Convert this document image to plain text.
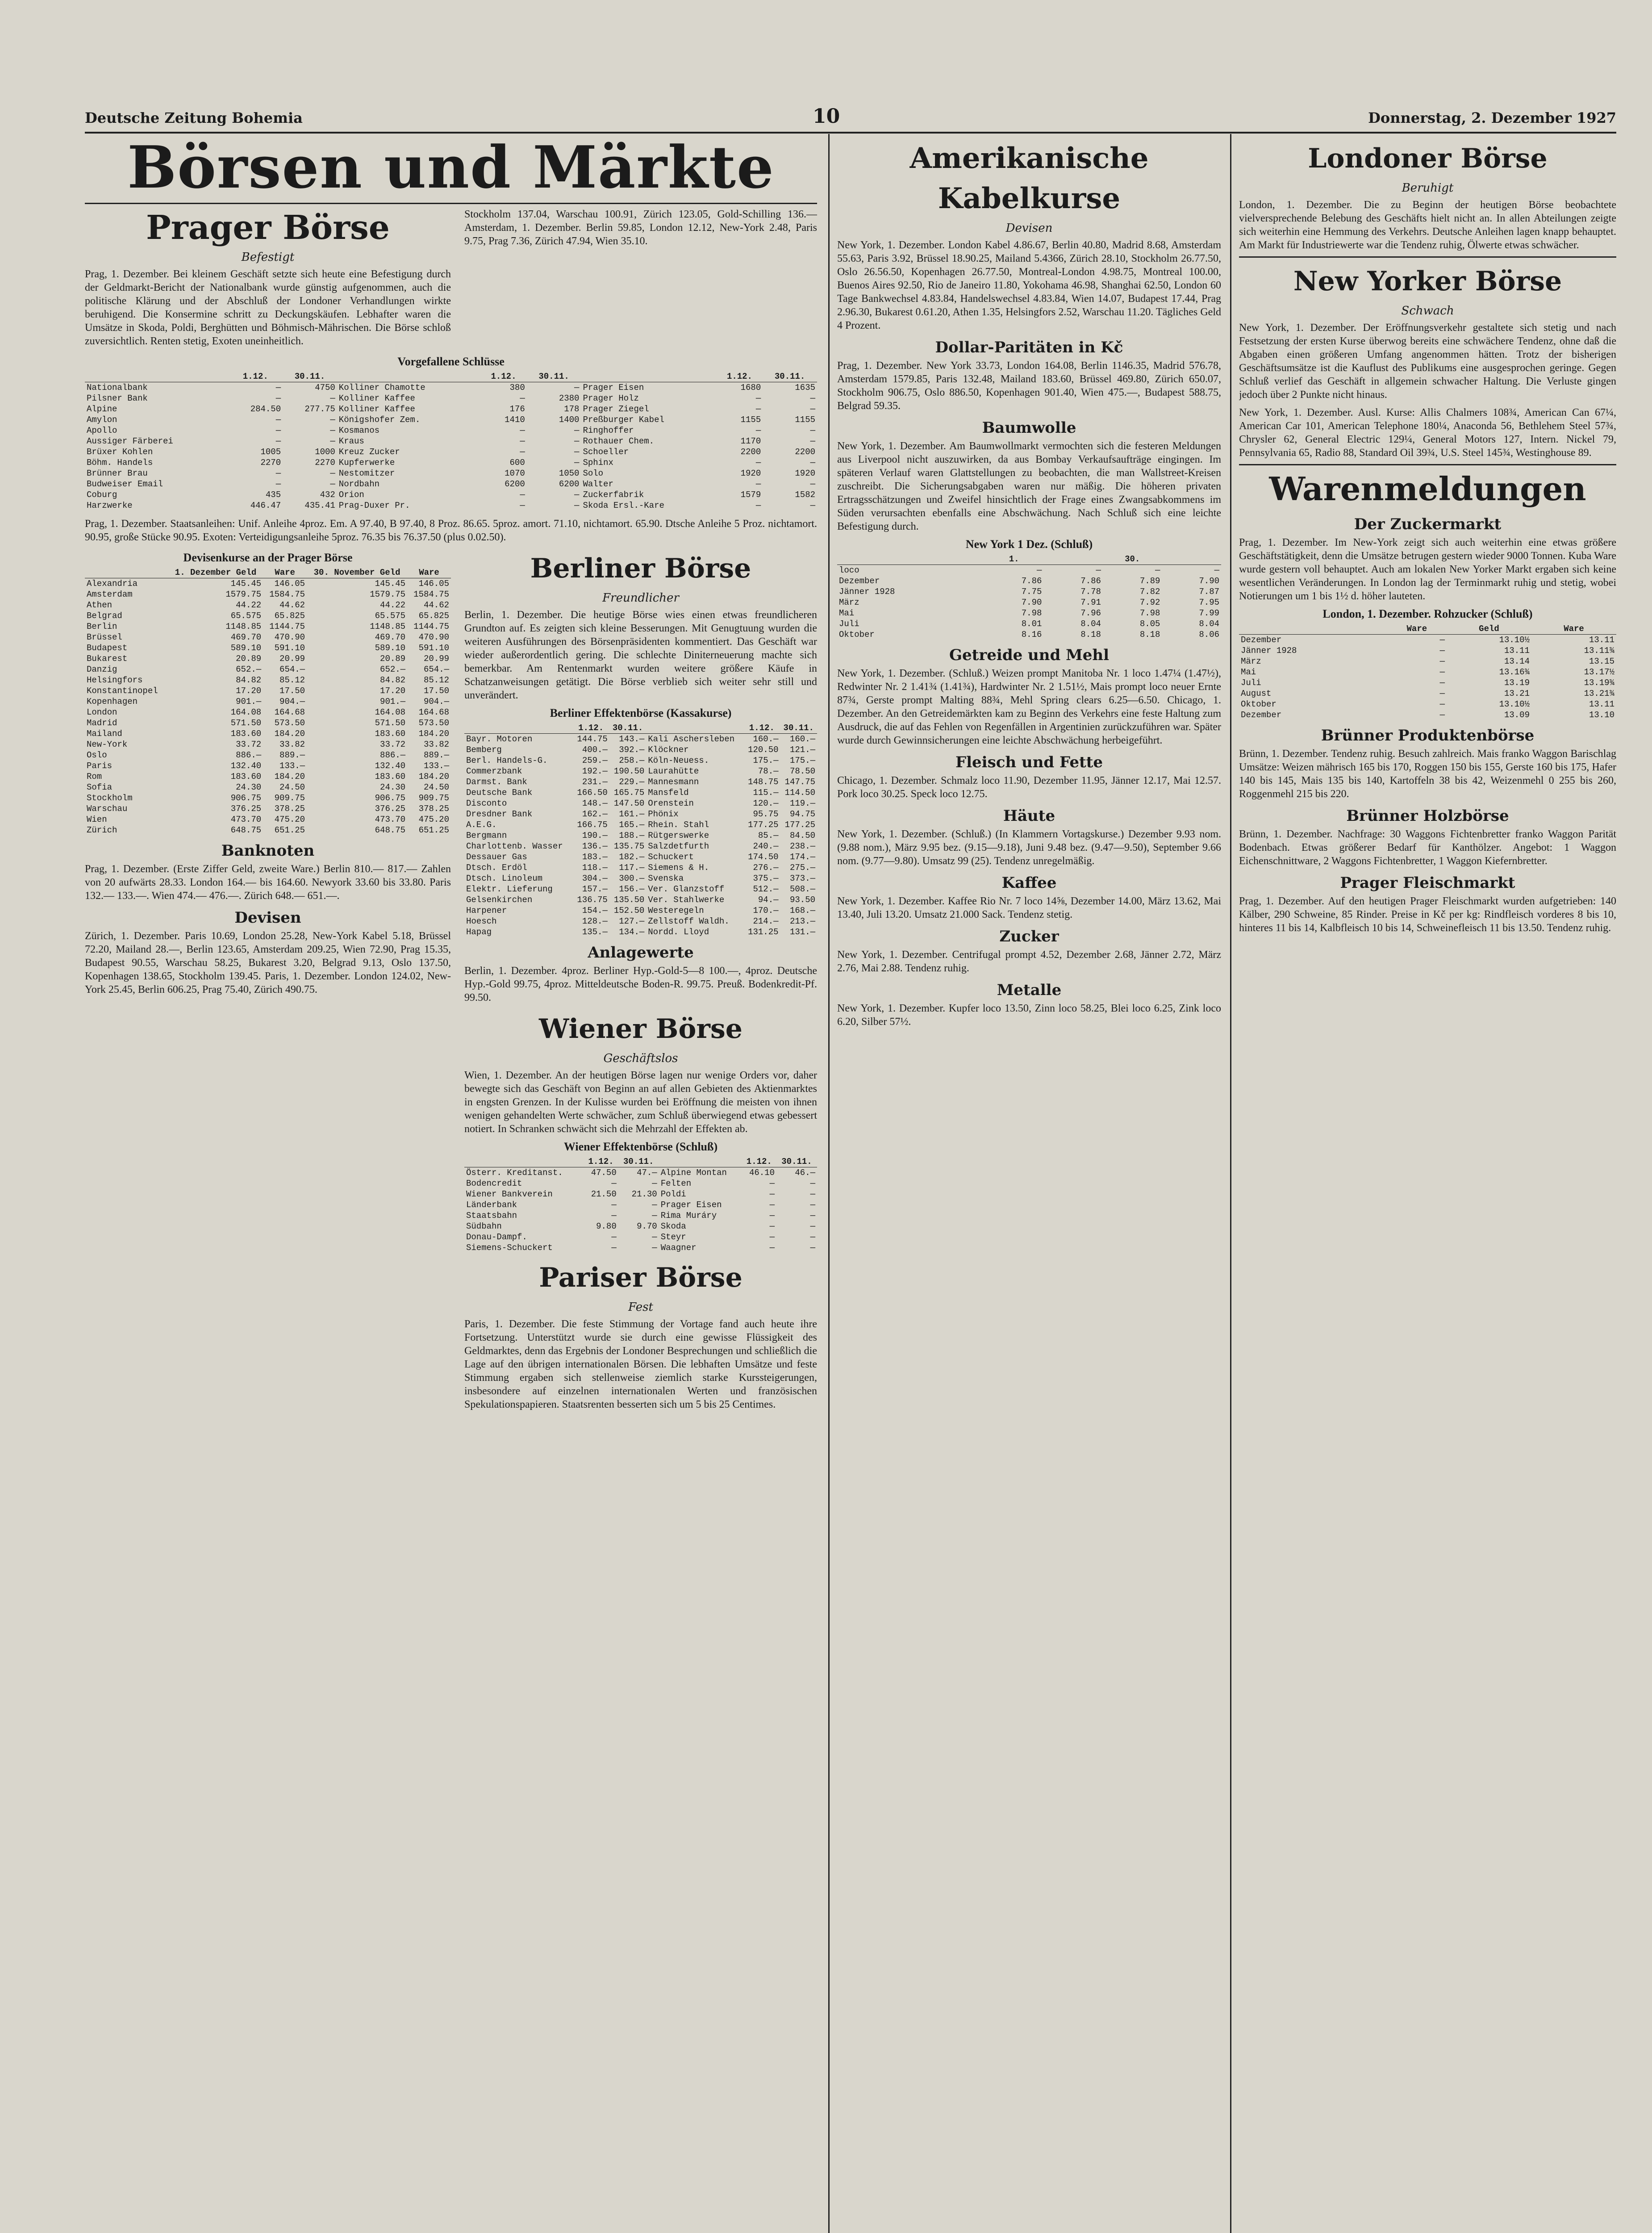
Deutsche Zeitung Bohemia	10	Donnerstag, 2. Dezember 1927
Börsen und Märkte
Prager Börse
Befestigt

Prag, 1. Dezember. Bei kleinem Geschäft setzte sich heute eine Befestigung durch der Geldmarkt-Bericht der Nationalbank wurde günstig aufgenommen, auch die politische Klärung und der Abschluß der Londoner Verhandlungen wirkte beruhigend. Die Konsermine schritt zu Deckungskäufen. Lebhafter waren die Umsätze in Skoda, Poldi, Berghütten und Böhmisch-Mährischen. Die Börse schloß zuversichtlich. Renten stetig, Exoten uneinheitlich.

Stockholm 137.04, Warschau 100.91, Zürich 123.05, Gold-Schilling 136.— Amsterdam, 1. Dezember. Berlin 59.85, London 12.12, New-York 2.48, Paris 9.75, Prag 7.36, Zürich 47.94, Wien 35.10.

Vorgefallene Schlüsse
	1.12.	30.11.		1.12.	30.11.		1.12.	30.11.
Nationalbank	—	4750	Kolliner Chamotte	380	—	Prager Eisen	1680	1635
Pilsner Bank	—	—	Kolliner Kaffee	—	2380	Prager Holz	—	—
Alpine	284.50	277.75	Kolliner Kaffee	176	178	Prager Ziegel	—	—
Amylon	—	—	Königshofer Zem.	1410	1400	Preßburger Kabel	1155	1155
Apollo	—	—	Kosmanos	—	—	Ringhoffer	—	—
Aussiger Färberei	—	—	Kraus	—	—	Rothauer Chem.	1170	—
Brüxer Kohlen	1005	1000	Kreuz Zucker	—	—	Schoeller	2200	2200
Böhm. Handels	2270	2270	Kupferwerke	600	—	Sphinx	—	—
Brünner Brau	—	—	Nestomitzer	1070	1050	Solo	1920	1920
Budweiser Email	—	—	Nordbahn	6200	6200	Walter	—	—
Coburg	435	432	Orion	—	—	Zuckerfabrik	1579	1582
Harzwerke	446.47	435.41	Prag-Duxer Pr.	—	—	Skoda Ersl.-Kare	—	—

Prag, 1. Dezember. Staatsanleihen: Unif. Anleihe 4proz. Em. A 97.40, B 97.40, 8 Proz. 86.65. 5proz. amort. 71.10, nichtamort. 65.90. Dtsche Anleihe 5 Proz. nichtamort. 90.95, große Stücke 90.95. Exoten: Verteidigungsanleihe 5proz. 76.35 bis 76.37.50 (plus 0.02.50).

Devisenkurse an der Prager Börse
	1. Dezember Geld	Ware	30. November Geld	Ware
Alexandria	145.45	146.05	145.45	146.05
Amsterdam	1579.75	1584.75	1579.75	1584.75
Athen	44.22	44.62	44.22	44.62
Belgrad	65.575	65.825	65.575	65.825
Berlin	1148.85	1144.75	1148.85	1144.75
Brüssel	469.70	470.90	469.70	470.90
Budapest	589.10	591.10	589.10	591.10
Bukarest	20.89	20.99	20.89	20.99
Danzig	652.—	654.—	652.—	654.—
Helsingfors	84.82	85.12	84.82	85.12
Konstantinopel	17.20	17.50	17.20	17.50
Kopenhagen	901.—	904.—	901.—	904.—
London	164.08	164.68	164.08	164.68
Madrid	571.50	573.50	571.50	573.50
Mailand	183.60	184.20	183.60	184.20
New-York	33.72	33.82	33.72	33.82
Oslo	886.—	889.—	886.—	889.—
Paris	132.40	133.—	132.40	133.—
Rom	183.60	184.20	183.60	184.20
Sofia	24.30	24.50	24.30	24.50
Stockholm	906.75	909.75	906.75	909.75
Warschau	376.25	378.25	376.25	378.25
Wien	473.70	475.20	473.70	475.20
Zürich	648.75	651.25	648.75	651.25
Banknoten

Prag, 1. Dezember. (Erste Ziffer Geld, zweite Ware.) Berlin 810.— 817.— Zahlen von 20 aufwärts 28.33. London 164.— bis 164.60. Newyork 33.60 bis 33.80. Paris 132.— 133.—. Wien 474.— 476.—. Zürich 648.— 651.—.

Devisen

Zürich, 1. Dezember. Paris 10.69, London 25.28, New-York Kabel 5.18, Brüssel 72.20, Mailand 28.—, Berlin 123.65, Amsterdam 209.25, Wien 72.90, Prag 15.35, Budapest 90.55, Warschau 58.25, Bukarest 3.20, Belgrad 9.13, Oslo 137.50, Kopenhagen 138.65, Stockholm 139.45. Paris, 1. Dezember. London 124.02, New-York 25.45, Berlin 606.25, Prag 75.40, Zürich 490.75.

Berliner Börse
Freundlicher

Berlin, 1. Dezember. Die heutige Börse wies einen etwas freundlicheren Grundton auf. Es zeigten sich kleine Besserungen. Mit Genugtuung wurden die weiteren Ausführungen des Börsenpräsidenten kommentiert. Das Geschäft war wieder außerordentlich gering. Die schlechte Diniterneuerung machte sich bemerkbar. Am Rentenmarkt wurden weitere größere Käufe in Schatzanweisungen getätigt. Die Börse verblieb sich weiter sehr still und unverändert.

Berliner Effektenbörse (Kassakurse)
	1.12.	30.11.		1.12.	30.11.
Bayr. Motoren	144.75	143.—	Kali Aschersleben	160.—	160.—
Bemberg	400.—	392.—	Klöckner	120.50	121.—
Berl. Handels-G.	259.—	258.—	Köln-Neuess.	175.—	175.—
Commerzbank	192.—	190.50	Laurahütte	78.—	78.50
Darmst. Bank	231.—	229.—	Mannesmann	148.75	147.75
Deutsche Bank	166.50	165.75	Mansfeld	115.—	114.50
Disconto	148.—	147.50	Orenstein	120.—	119.—
Dresdner Bank	162.—	161.—	Phönix	95.75	94.75
A.E.G.	166.75	165.—	Rhein. Stahl	177.25	177.25
Bergmann	190.—	188.—	Rütgerswerke	85.—	84.50
Charlottenb. Wasser	136.—	135.75	Salzdetfurth	240.—	238.—
Dessauer Gas	183.—	182.—	Schuckert	174.50	174.—
Dtsch. Erdöl	118.—	117.—	Siemens & H.	276.—	275.—
Dtsch. Linoleum	304.—	300.—	Svenska	375.—	373.—
Elektr. Lieferung	157.—	156.—	Ver. Glanzstoff	512.—	508.—
Gelsenkirchen	136.75	135.50	Ver. Stahlwerke	94.—	93.50
Harpener	154.—	152.50	Westeregeln	170.—	168.—
Hoesch	128.—	127.—	Zellstoff Waldh.	214.—	213.—
Hapag	135.—	134.—	Nordd. Lloyd	131.25	131.—
Anlagewerte

Berlin, 1. Dezember. 4proz. Berliner Hyp.-Gold-5—8 100.—, 4proz. Deutsche Hyp.-Gold 99.75, 4proz. Mitteldeutsche Boden-R. 99.75. Preuß. Bodenkredit-Pf. 99.50.

Wiener Börse
Geschäftslos

Wien, 1. Dezember. An der heutigen Börse lagen nur wenige Orders vor, daher bewegte sich das Geschäft von Beginn an auf allen Gebieten des Aktienmarktes in engsten Grenzen. In der Kulisse wurden bei Eröffnung die meisten von ihnen wenigen gehandelten Werte schwächer, zum Schluß überwiegend etwas gebessert notiert. In Schranken schwächt sich die Mehrzahl der Effekten ab.

Wiener Effektenbörse (Schluß)
	1.12.	30.11.		1.12.	30.11.
Österr. Kreditanst.	47.50	47.—	Alpine Montan	46.10	46.—
Bodencredit	—	—	Felten	—	—
Wiener Bankverein	21.50	21.30	Poldi	—	—
Länderbank	—	—	Prager Eisen	—	—
Staatsbahn	—	—	Rima Muráry	—	—
Südbahn	9.80	9.70	Skoda	—	—
Donau-Dampf.	—	—	Steyr	—	—
Siemens-Schuckert	—	—	Waagner	—	—
Pariser Börse
Fest

Paris, 1. Dezember. Die feste Stimmung der Vortage fand auch heute ihre Fortsetzung. Unterstützt wurde sie durch eine gewisse Flüssigkeit des Geldmarktes, denn das Ergebnis der Londoner Besprechungen und schließlich die Lage auf den übrigen internationalen Börsen. Die lebhaften Umsätze und feste Stimmung ergaben sich stellenweise ziemlich starke Kurssteigerungen, insbesondere auf einzelnen internationalen Werten und französischen Spekulationspapieren. Staatsrenten besserten sich um 5 bis 25 Centimes.

Amerikanische Kabelkurse
Devisen

New York, 1. Dezember. London Kabel 4.86.67, Berlin 40.80, Madrid 8.68, Amsterdam 55.63, Paris 3.92, Brüssel 18.90.25, Mailand 5.4366, Zürich 28.10, Stockholm 26.77.50, Oslo 26.56.50, Kopenhagen 26.77.50, Montreal-London 4.98.75, Montreal 100.00, Buenos Aires 92.50, Rio de Janeiro 11.80, Yokohama 46.98, Shanghai 62.50, London 60 Tage Bankwechsel 4.83.84, Handelswechsel 4.83.84, Wien 14.07, Budapest 17.44, Prag 2.96.30, Bukarest 0.61.20, Athen 1.35, Helsingfors 2.52, Warschau 11.20. Tägliches Geld 4 Prozent.

Dollar-Paritäten in Kč

Prag, 1. Dezember. New York 33.73, London 164.08, Berlin 1146.35, Madrid 576.78, Amsterdam 1579.85, Paris 132.48, Mailand 183.60, Brüssel 469.80, Zürich 650.07, Stockholm 906.75, Oslo 886.50, Kopenhagen 901.40, Wien 475.—, Budapest 588.75, Belgrad 59.35.

Baumwolle

New York, 1. Dezember. Am Baumwollmarkt vermochten sich die festeren Meldungen aus Liverpool nicht auszuwirken, da aus Bombay Verkaufsaufträge eingingen. Im späteren Verlauf waren Glattstellungen zu beobachten, die man Wallstreet-Kreisen zuschreibt. Die Sicherungsabgaben waren nur mäßig. Die höheren privaten Ertragsschätzungen und Zweifel hinsichtlich der Frage eines Zwangsabkommens im Süden verursachten ebenfalls eine Abschwächung. Nach Schluß sich eine leichte Befestigung durch.

New York 1 Dez. (Schluß)
	1.		30.	
loco	—	—	—	—
Dezember	7.86	7.86	7.89	7.90
Jänner 1928	7.75	7.78	7.82	7.87
März	7.90	7.91	7.92	7.95
Mai	7.98	7.96	7.98	7.99
Juli	8.01	8.04	8.05	8.04
Oktober	8.16	8.18	8.18	8.06
Getreide und Mehl

New York, 1. Dezember. (Schluß.) Weizen prompt Manitoba Nr. 1 loco 1.47¼ (1.47½), Redwinter Nr. 2 1.41¾ (1.41¾), Hardwinter Nr. 2 1.51½, Mais prompt loco neuer Ernte 87¾, Gerste prompt Malting 88¾, Mehl Spring clears 6.25—6.50. Chicago, 1. Dezember. An den Getreidemärkten kam zu Beginn des Verkehrs eine feste Haltung zum Ausdruck, die auf das Fehlen von Regenfällen in Argentinien zurückzuführen war. Später wurde durch Gewinnsicherungen eine leichte Abschwächung herbeigeführt.

Fleisch und Fette

Chicago, 1. Dezember. Schmalz loco 11.90, Dezember 11.95, Jänner 12.17, Mai 12.57. Pork loco 30.25. Speck loco 12.75.

Häute

New York, 1. Dezember. (Schluß.) (In Klammern Vortagskurse.) Dezember 9.93 nom. (9.88 nom.), März 9.95 bez. (9.15—9.18), Juni 9.48 bez. (9.47—9.50), September 9.66 nom. (9.77—9.80). Umsatz 99 (25). Tendenz unregelmäßig.

Kaffee

New York, 1. Dezember. Kaffee Rio Nr. 7 loco 14⅝, Dezember 14.00, März 13.62, Mai 13.40, Juli 13.20. Umsatz 21.000 Sack. Tendenz stetig.

Zucker

New York, 1. Dezember. Centrifugal prompt 4.52, Dezember 2.68, Jänner 2.72, März 2.76, Mai 2.88. Tendenz ruhig.

Metalle

New York, 1. Dezember. Kupfer loco 13.50, Zinn loco 58.25, Blei loco 6.25, Zink loco 6.20, Silber 57½.

Londoner Börse
Beruhigt

London, 1. Dezember. Die zu Beginn der heutigen Börse beobachtete vielversprechende Belebung des Geschäfts hielt nicht an. In allen Abteilungen zeigte sich weiterhin eine Hemmung des Verkehrs. Deutsche Anleihen lagen knapp behauptet. Am Markt für Industriewerte war die Tendenz ruhig, Ölwerte etwas schwächer.

New Yorker Börse
Schwach

New York, 1. Dezember. Der Eröffnungsverkehr gestaltete sich stetig und nach Festsetzung der ersten Kurse überwog bereits eine schwächere Tendenz, ohne daß die Abgaben einen größeren Umfang angenommen hätten. Trotz der bisherigen Geschäftsumsätze ist die Kauflust des Publikums eine ausgesprochen geringe. Gegen Schluß verlief das Geschäft in allgemein schwacher Haltung. Die Verluste gingen jedoch über 2 Punkte nicht hinaus.

New York, 1. Dezember. Ausl. Kurse: Allis Chalmers 108¾, American Can 67¼, American Car 101, American Telephone 180¼, Anaconda 56, Bethlehem Steel 57¾, Chrysler 62, General Electric 129¼, General Motors 127, Intern. Nickel 79, Pennsylvania 65, Radio 88, Standard Oil 39¾, U.S. Steel 145¾, Westinghouse 89.

Warenmeldungen
Der Zuckermarkt

Prag, 1. Dezember. Im New-York zeigt sich auch weiterhin eine etwas größere Geschäftstätigkeit, denn die Umsätze betrugen gestern wieder 9000 Tonnen. Kuba Ware wurde gestern voll behauptet. Auch am lokalen New Yorker Markt ergaben sich keine wesentlichen Veränderungen. In London lag der Terminmarkt ruhig und stetig, wobei Notierungen um 1 bis 1½ d. höher lauteten.

London, 1. Dezember. Rohzucker (Schluß)
	Ware	Geld	Ware
Dezember	—	13.10½	13.11
Jänner 1928	—	13.11	13.11¾
März	—	13.14	13.15
Mai	—	13.16¾	13.17½
Juli	—	13.19	13.19¾
August	—	13.21	13.21¾
Oktober	—	13.10½	13.11
Dezember	—	13.09	13.10
Brünner Produktenbörse

Brünn, 1. Dezember. Tendenz ruhig. Besuch zahlreich. Mais franko Waggon Barischlag Umsätze: Weizen mährisch 165 bis 170, Roggen 150 bis 155, Gerste 160 bis 175, Hafer 140 bis 145, Mais 135 bis 140, Kartoffeln 38 bis 42, Weizenmehl 0 255 bis 260, Roggenmehl 215 bis 220.

Brünner Holzbörse

Brünn, 1. Dezember. Nachfrage: 30 Waggons Fichtenbretter franko Waggon Parität Bodenbach. Etwas größerer Bedarf für Kanthölzer. Angebot: 1 Waggon Eichenschnittware, 2 Waggons Fichtenbretter, 1 Waggon Kiefernbretter.

Prager Fleischmarkt

Prag, 1. Dezember. Auf den heutigen Prager Fleischmarkt wurden aufgetrieben: 140 Kälber, 290 Schweine, 85 Rinder. Preise in Kč per kg: Rindfleisch vorderes 8 bis 10, hinteres 11 bis 14, Kalbfleisch 10 bis 14, Schweinefleisch 11 bis 13.50. Tendenz ruhig.
